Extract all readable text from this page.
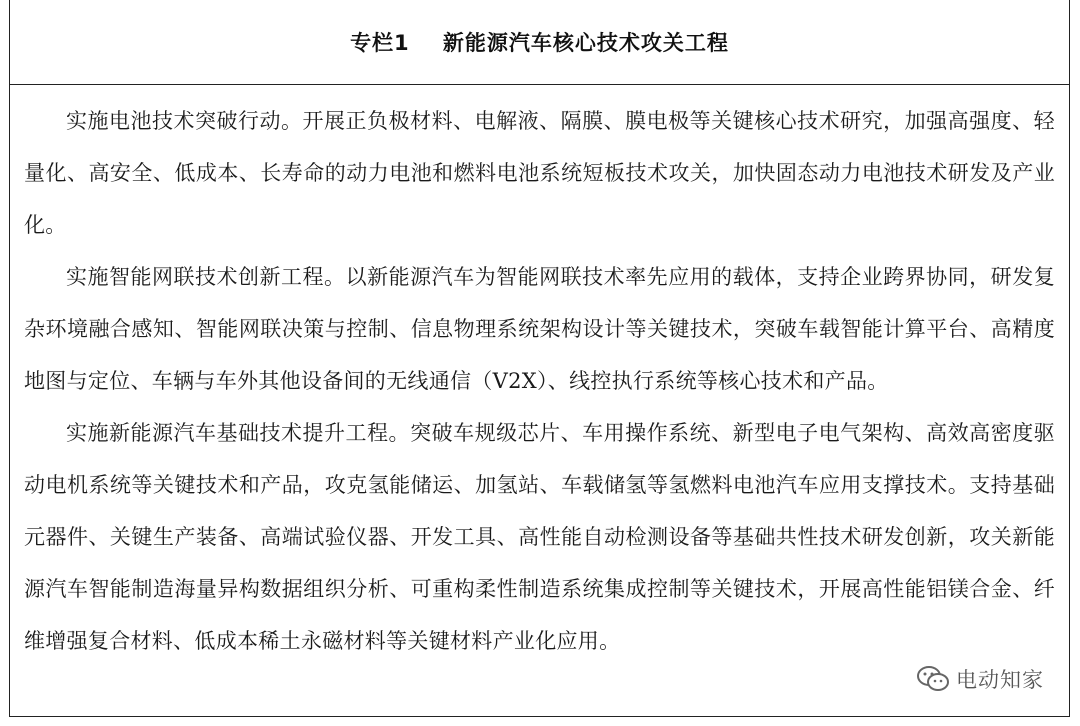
专栏1    新能源汽车核心技术攻关工程

实施电池技术突破行动。开展正负极材料、电解液、隔膜、膜电极等关键核心技术研究，加强高强度、轻量化、高安全、低成本、长寿命的动力电池和燃料电池系统短板技术攻关，加快固态动力电池技术研发及产业化。

实施智能网联技术创新工程。以新能源汽车为智能网联技术率先应用的载体，支持企业跨界协同，研发复杂环境融合感知、智能网联决策与控制、信息物理系统架构设计等关键技术，突破车载智能计算平台、高精度地图与定位、车辆与车外其他设备间的无线通信（V2X）、线控执行系统等核心技术和产品。

实施新能源汽车基础技术提升工程。突破车规级芯片、车用操作系统、新型电子电气架构、高效高密度驱动电机系统等关键技术和产品，攻克氢能储运、加氢站、车载储氢等氢燃料电池汽车应用支撑技术。支持基础元器件、关键生产装备、高端试验仪器、开发工具、高性能自动检测设备等基础共性技术研发创新，攻关新能源汽车智能制造海量异构数据组织分析、可重构柔性制造系统集成控制等关键技术，开展高性能铝镁合金、纤维增强复合材料、低成本稀土永磁材料等关键材料产业化应用。

电动知家
